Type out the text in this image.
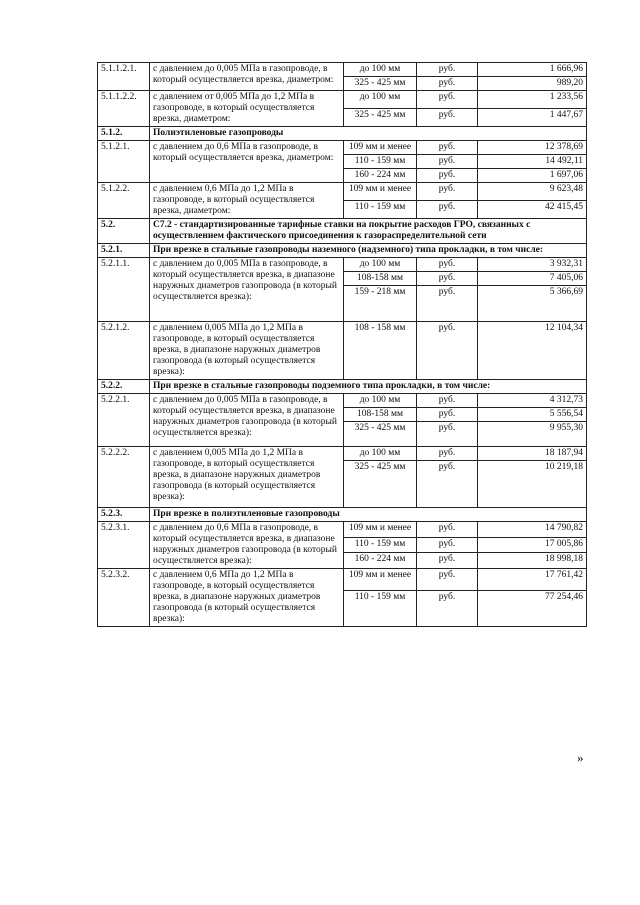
5.1.1.2.1.	с давлением до 0,005 МПа в газопроводе, в который осуществляется врезка, диаметром:	до 100 мм	руб.	1 666,96
		325 - 425 мм	руб.	989,20
5.1.1.2.2.	с давлением от 0,005 МПа до 1,2 МПа в газопроводе, в который осуществляется врезка, диаметром:	до 100 мм	руб.	1 233,56
		325 - 425 мм	руб.	1 447,67
5.1.2.	Полиэтиленовые газопроводы			
5.1.2.1.	с давлением до 0,6 МПа в газопроводе, в который осуществляется врезка, диаметром:	109 мм и менее	руб.	12 378,69
		110 - 159 мм	руб.	14 492,11
		160 - 224 мм	руб.	1 697,06
5.1.2.2.	с давлением 0,6 МПа до 1,2 МПа в газопроводе, в который осуществляется врезка, диаметром:	109 мм и менее	руб.	9 623,48
		110 - 159 мм	руб.	42 415,45
5.2.	С7.2 - стандартизированные тарифные ставки на покрытие расходов ГРО, связанных с осуществлением фактического присоединения к газораспределительной сети			
5.2.1.	При врезке в стальные газопроводы наземного (надземного) типа прокладки, в том числе:			
5.2.1.1.	с давлением до 0,005 МПа в газопроводе, в который осуществляется врезка, в диапазоне наружных диаметров газопровода (в который осуществляется врезка):	до 100 мм	руб.	3 932,31
		108-158 мм	руб.	7 405,06
		159 - 218 мм	руб.	5 366,69
5.2.1.2.	с давлением 0,005 МПа до 1,2 МПа в газопроводе, в который осуществляется врезка, в диапазоне наружных диаметров газопровода (в который осуществляется врезка):	108 - 158 мм	руб.	12 104,34
5.2.2.	При врезке в стальные газопроводы подземного типа прокладки, в том числе:			
5.2.2.1.	с давлением до 0,005 МПа в газопроводе, в который осуществляется врезка, в диапазоне наружных диаметров газопровода (в который осуществляется врезка):	до 100 мм	руб.	4 312,73
		108-158 мм	руб.	5 556,54
		325 - 425 мм	руб.	9 955,30
5.2.2.2.	с давлением 0,005 МПа до 1,2 МПа в газопроводе, в который осуществляется врезка, в диапазоне наружных диаметров газопровода (в который осуществляется врезка):	до 100 мм	руб.	18 187,94
		325 - 425 мм	руб.	10 219,18
5.2.3.	При врезке в полиэтиленовые газопроводы			
5.2.3.1.	с давлением до 0,6 МПа в газопроводе, в который осуществляется врезка, в диапазоне наружных диаметров газопровода (в который осуществляется врезка):	109 мм и менее	руб.	14 790,82
		110 - 159 мм	руб.	17 005,86
		160 - 224 мм	руб.	18 998,18
5.2.3.2.	с давлением 0,6 МПа до 1,2 МПа в газопроводе, в который осуществляется врезка, в диапазоне наружных диаметров газопровода (в который осуществляется врезка):	109 мм и менее	руб.	17 761,42
		110 - 159 мм	руб.	77 254,46
»
